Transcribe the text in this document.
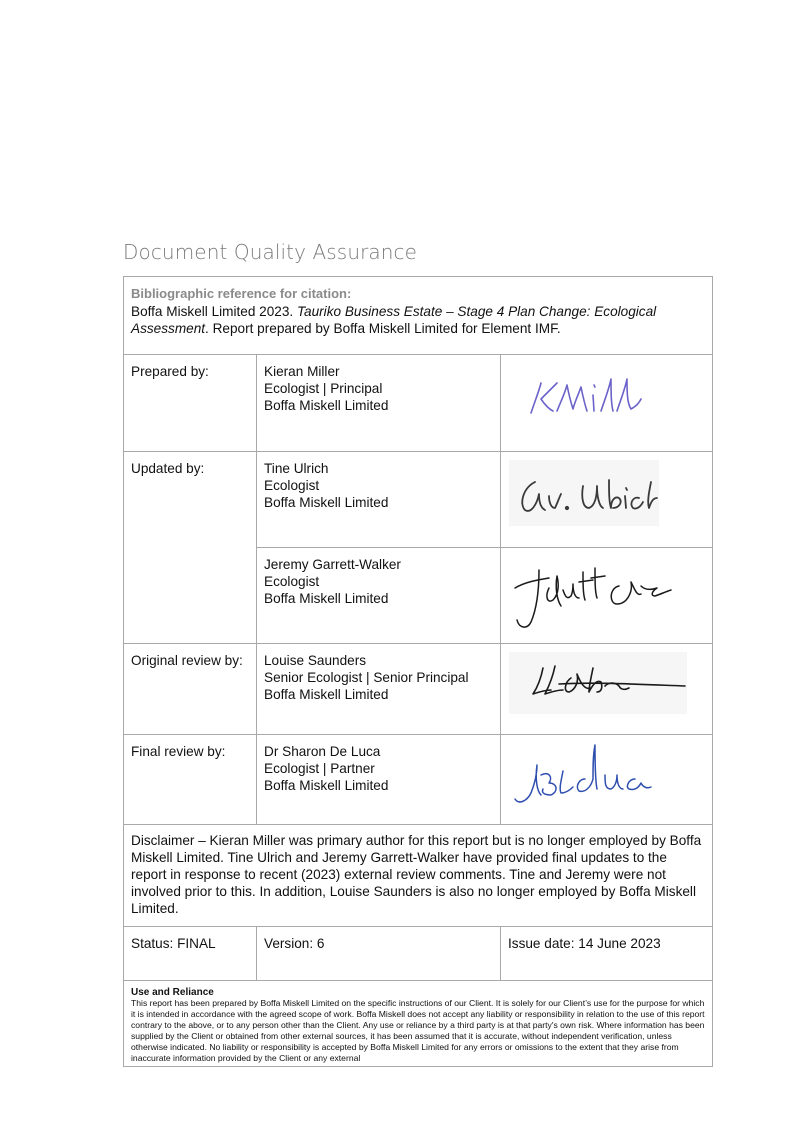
Document Quality Assurance
Bibliographic reference for citation:
Boffa Miskell Limited 2023. Tauriko Business Estate – Stage 4 Plan Change: Ecological Assessment. Report prepared by Boffa Miskell Limited for Element IMF.		

Prepared by:	Kieran Miller
Ecologist | Principal
Boffa Miskell Limited

Updated by:	Tine Ulrich
Ecologist
Boffa Miskell Limited

	Jeremy Garrett-Walker
Ecologist
Boffa Miskell Limited

Original review by:	Louise Saunders
Senior Ecologist | Senior Principal
Boffa Miskell Limited

Final review by:	Dr Sharon De Luca
Ecologist | Partner
Boffa Miskell Limited

Disclaimer – Kieran Miller was primary author for this report but is no longer employed by Boffa Miskell Limited. Tine Ulrich and Jeremy Garrett-Walker have provided final updates to the report in response to recent (2023) external review comments. Tine and Jeremy were not involved prior to this. In addition, Louise Saunders is also no longer employed by Boffa Miskell Limited.		
Status: FINAL	Version: 6	Issue date: 14 June 2023

Use and Reliance
This report has been prepared by Boffa Miskell Limited on the specific instructions of our Client. It is solely for our Client’s use for the purpose for which it is intended in accordance with the agreed scope of work. Boffa Miskell does not accept any liability or responsibility in relation to the use of this report contrary to the above, or to any person other than the Client. Any use or reliance by a third party is at that party's own risk. Where information has been supplied by the Client or obtained from other external sources, it has been assumed that it is accurate, without independent verification, unless otherwise indicated. No liability or responsibility is accepted by Boffa Miskell Limited for any errors or omissions to the extent that they arise from inaccurate information provided by the Client or any external		
